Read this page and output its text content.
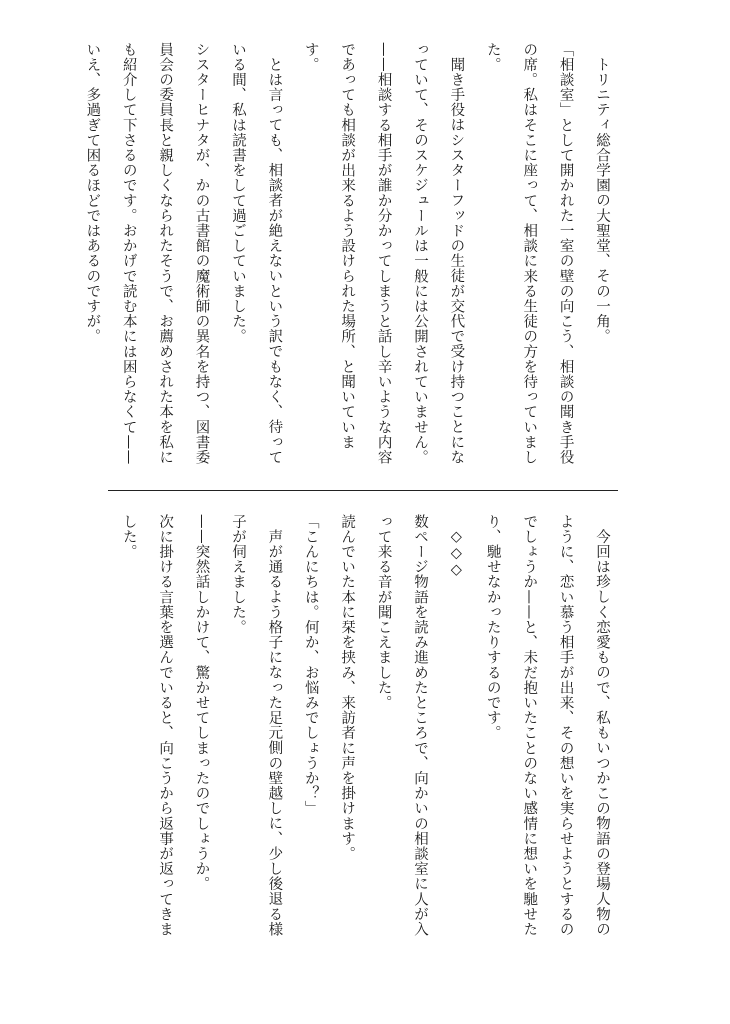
トリニティ総合学園の大聖堂、その一角。

「相談室」として開かれた一室の壁の向こう、相談の聞き手役の席。私はそこに座って、相談に来る生徒の方を待っていました。

聞き手役はシスターフッドの生徒が交代で受け持つことになっていて、そのスケジュールは一般には公開されていません。

——相談する相手が誰か分かってしまうと話し辛いような内容であっても相談が出来るよう設けられた場所、と聞いています。

とは言っても、相談者が絶えないという訳でもなく、待っている間、私は読書をして過ごしていました。

シスターヒナタが、かの古書館の魔術師の異名を持つ、図書委員会の委員長と親しくなられたそうで、お薦めされた本を私にも紹介して下さるのです。おかげで読む本には困らなくて——いえ、多過ぎて困るほどではあるのですが。

今回は珍しく恋愛もので、私もいつかこの物語の登場人物のように、恋い慕う相手が出来、その想いを実らせようとするのでしょうか——と、未だ抱いたことのない感情に想いを馳せたり、馳せなかったりするのです。

◇◇◇

数ページ物語を読み進めたところで、向かいの相談室に人が入って来る音が聞こえました。

読んでいた本に栞を挟み、来訪者に声を掛けます。

「こんにちは。何か、お悩みでしょうか？」

声が通るよう格子になった足元側の壁越しに、少し後退る様子が伺えました。

——突然話しかけて、驚かせてしまったのでしょうか。

次に掛ける言葉を選んでいると、向こうから返事が返ってきました。
